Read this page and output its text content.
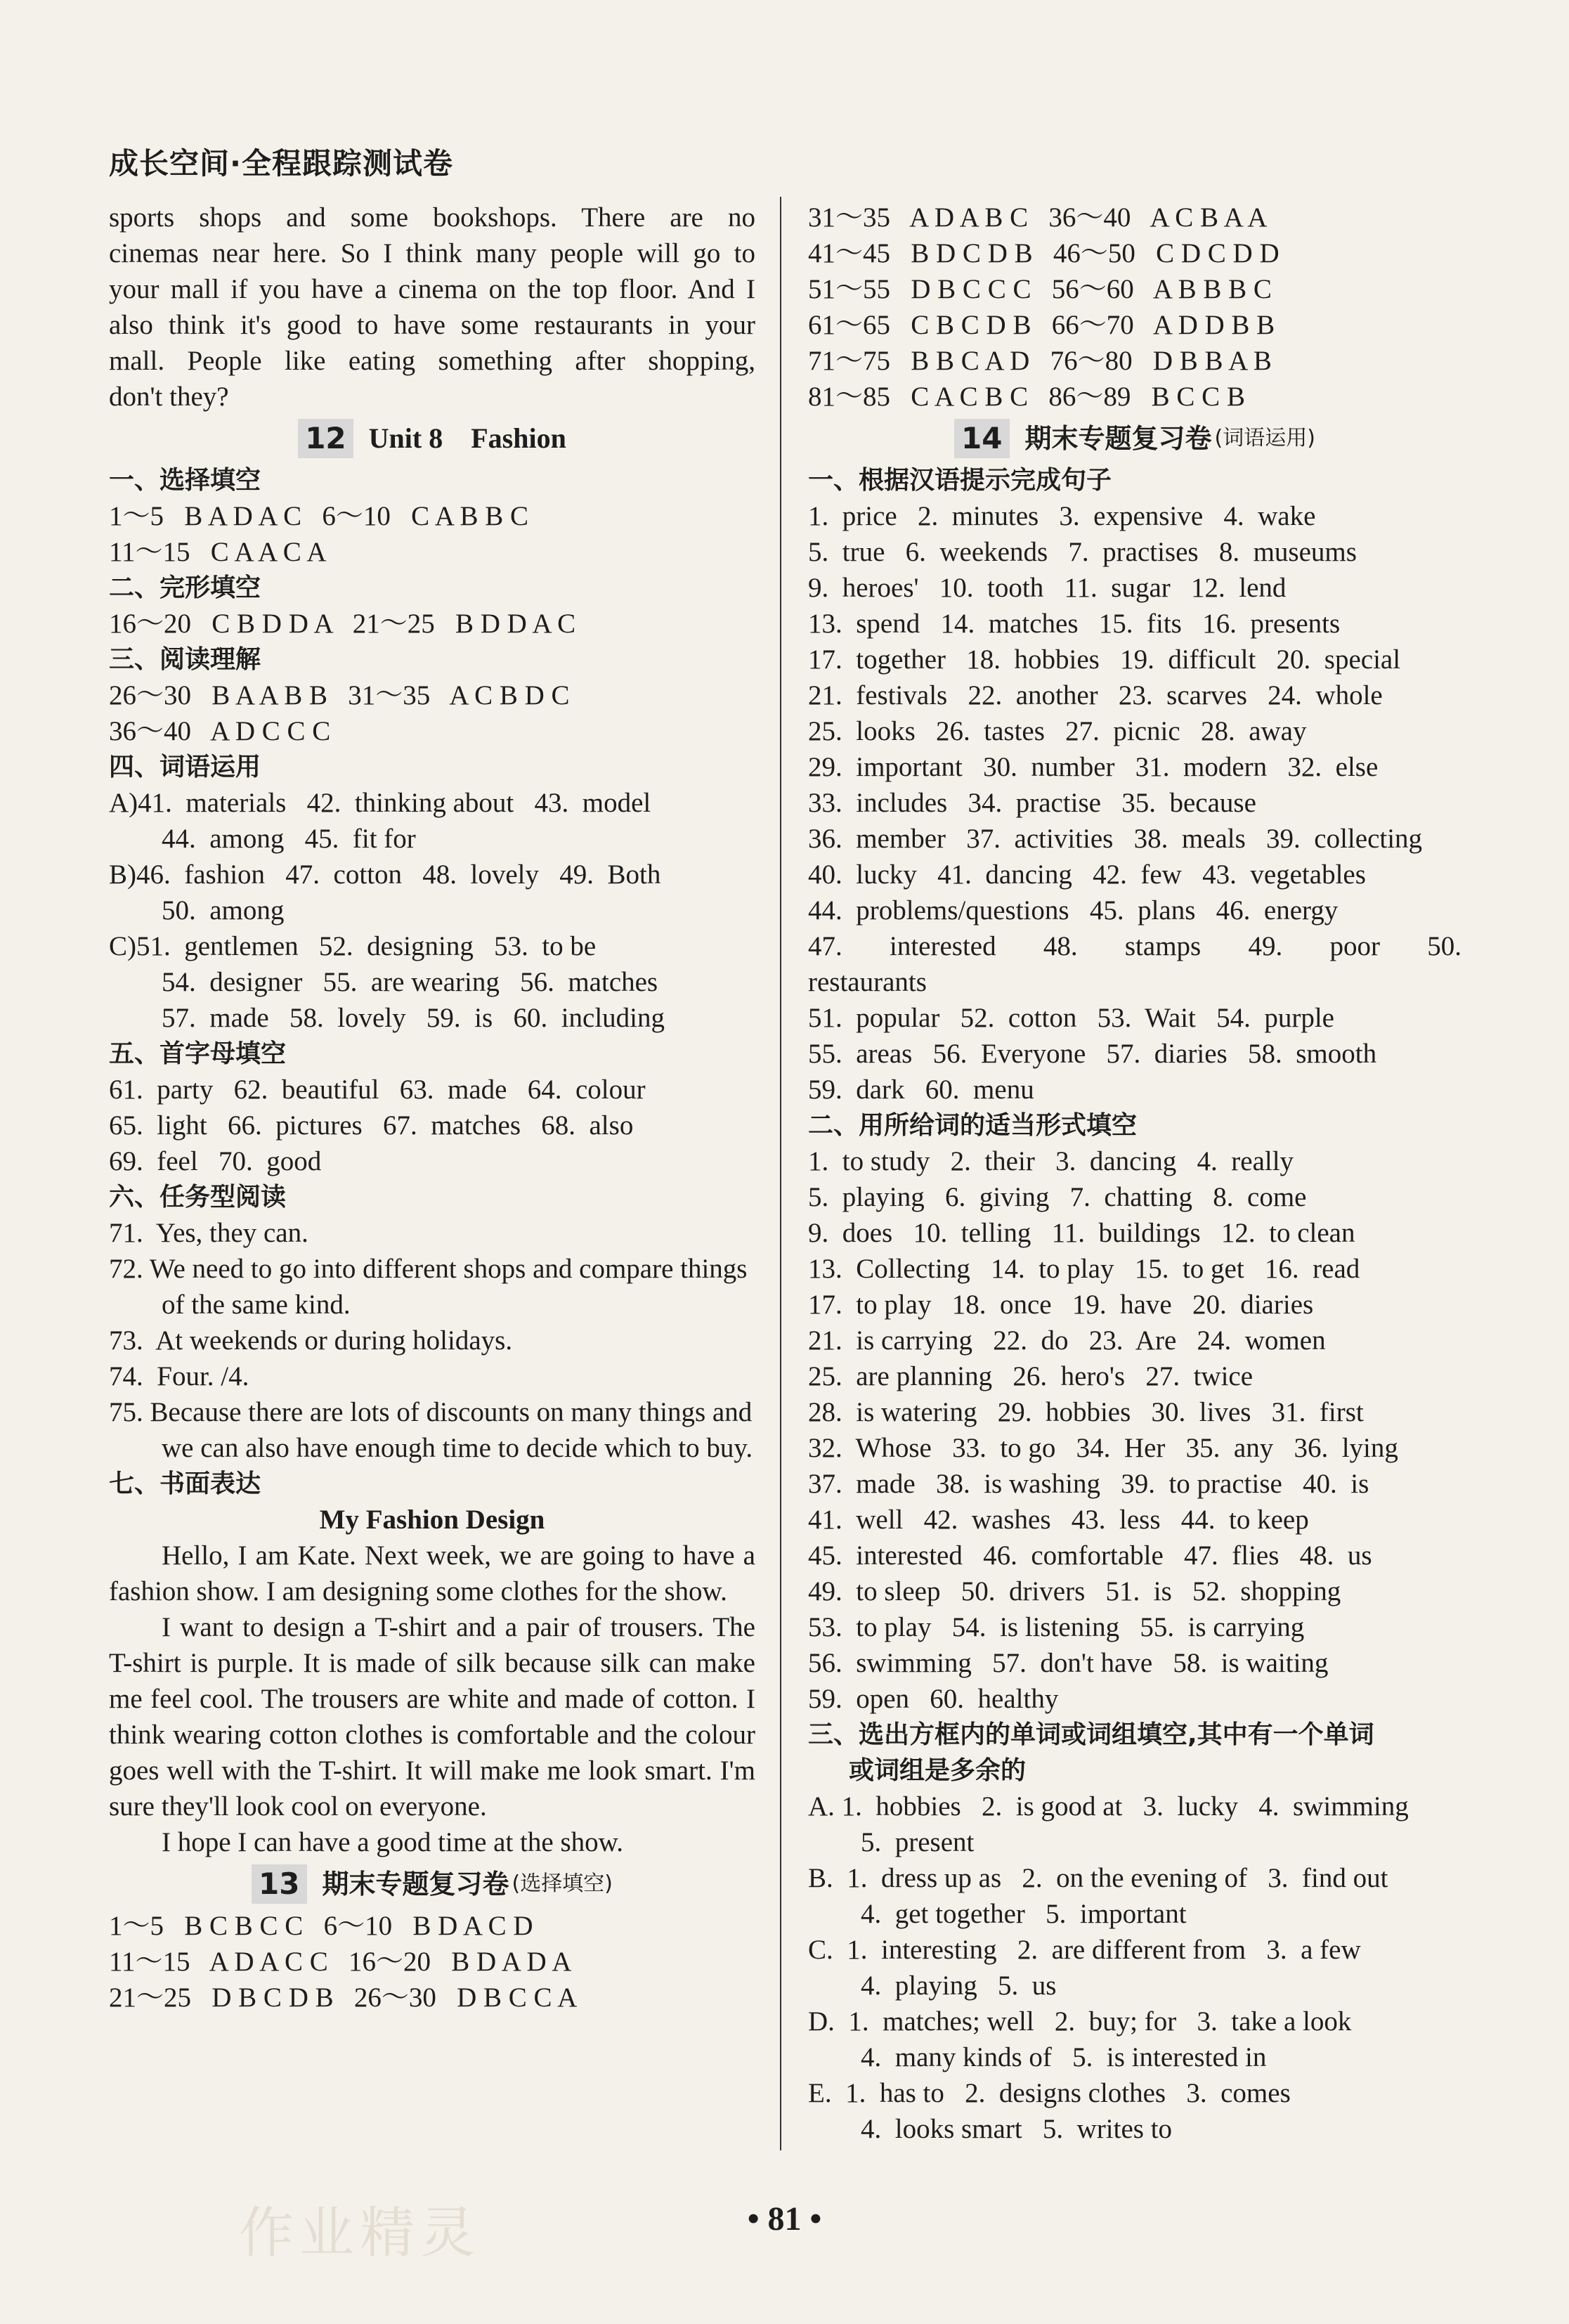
成长空间·全程跟踪测试卷
sports shops and some bookshops. There are no
cinemas near here. So I think many people will go to
your mall if you have a cinema on the top floor. And I
also think it's good to have some restaurants in your
mall. People like eating something after shopping,
don't they?
12 Unit 8    Fashion
一、选择填空
1～5   B A D A C   6～10   C A B B C
11～15   C A A C A
二、完形填空
16～20   C B D D A   21～25   B D D A C
三、阅读理解
26～30   B A A B B   31～35   A C B D C
36～40   A D C C C
四、词语运用
A)41.  materials   42.  thinking about   43.  model
44.  among   45.  fit for
B)46.  fashion   47.  cotton   48.  lovely   49.  Both
50.  among
C)51.  gentlemen   52.  designing   53.  to be
54.  designer   55.  are wearing   56.  matches
57.  made   58.  lovely   59.  is   60.  including
五、首字母填空
61.  party   62.  beautiful   63.  made   64.  colour
65.  light   66.  pictures   67.  matches   68.  also
69.  feel   70.  good
六、任务型阅读
71.  Yes, they can.
72. We need to go into different shops and compare things of the same kind.
73.  At weekends or during holidays.
74.  Four. /4.
75. Because there are lots of discounts on many things and we can also have enough time to decide which to buy.
七、书面表达
My Fashion Design
Hello, I am Kate. Next week, we are going to have a fashion show. I am designing some clothes for the show.
I want to design a T-shirt and a pair of trousers. The T-shirt is purple. It is made of silk because silk can make me feel cool. The trousers are white and made of cotton. I think wearing cotton clothes is comfortable and the colour goes well with the T-shirt. It will make me look smart. I'm sure they'll look cool on everyone.
I hope I can have a good time at the show.
13 期末专题复习卷 (选择填空)
1～5   B C B C C   6～10   B D A C D
11～15   A D A C C   16～20   B D A D A
21～25   D B C D B   26～30   D B C C A
31～35   A D A B C   36～40   A C B A A
41～45   B D C D B   46～50   C D C D D
51～55   D B C C C   56～60   A B B B C
61～65   C B C D B   66～70   A D D B B
71～75   B B C A D   76～80   D B B A B
81～85   C A C B C   86～89   B C C B
14 期末专题复习卷 (词语运用)
一、根据汉语提示完成句子
1.  price   2.  minutes   3.  expensive   4.  wake
5.  true   6.  weekends   7.  practises   8.  museums
9.  heroes'   10.  tooth   11.  sugar   12.  lend
13.  spend   14.  matches   15.  fits   16.  presents
17.  together   18.  hobbies   19.  difficult   20.  special
21.  festivals   22.  another   23.  scarves   24.  whole
25.  looks   26.  tastes   27.  picnic   28.  away
29.  important   30.  number   31.  modern   32.  else
33.  includes   34.  practise   35.  because
36.  member   37.  activities   38.  meals   39.  collecting
40.  lucky   41.  dancing   42.  few   43.  vegetables
44.  problems/questions   45.  plans   46.  energy
47. interested 48. stamps 49. poor 50.
restaurants
51.  popular   52.  cotton   53.  Wait   54.  purple
55.  areas   56.  Everyone   57.  diaries   58.  smooth
59.  dark   60.  menu
二、用所给词的适当形式填空
1.  to study   2.  their   3.  dancing   4.  really
5.  playing   6.  giving   7.  chatting   8.  come
9.  does   10.  telling   11.  buildings   12.  to clean
13.  Collecting   14.  to play   15.  to get   16.  read
17.  to play   18.  once   19.  have   20.  diaries
21.  is carrying   22.  do   23.  Are   24.  women
25.  are planning   26.  hero's   27.  twice
28.  is watering   29.  hobbies   30.  lives   31.  first
32.  Whose   33.  to go   34.  Her   35.  any   36.  lying
37.  made   38.  is washing   39.  to practise   40.  is
41.  well   42.  washes   43.  less   44.  to keep
45.  interested   46.  comfortable   47.  flies   48.  us
49.  to sleep   50.  drivers   51.  is   52.  shopping
53.  to play   54.  is listening   55.  is carrying
56.  swimming   57.  don't have   58.  is waiting
59.  open   60.  healthy
三、选出方框内的单词或词组填空,其中有一个单词
或词组是多余的
A. 1.  hobbies   2.  is good at   3.  lucky   4.  swimming
5.  present
B.  1.  dress up as   2.  on the evening of   3.  find out
4.  get together   5.  important
C.  1.  interesting   2.  are different from   3.  a few
4.  playing   5.  us
D.  1.  matches; well   2.  buy; for   3.  take a look
4.  many kinds of   5.  is interested in
E.  1.  has to   2.  designs clothes   3.  comes
4.  looks smart   5.  writes to
• 81 •
作业精灵
